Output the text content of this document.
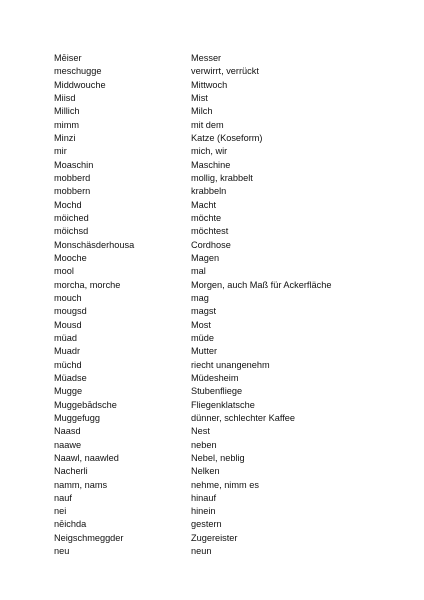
Mēiser	Messer
meschugge	verwirrt, verrückt
Middwouche	Mittwoch
Miisd	Mist
Millich	Milch
mimm	mit dem
Minzi	Katze (Koseform)
mir	mich, wir
Moaschin	Maschine
mobberd	mollig, krabbelt
mobbern	krabbeln
Mochd	Macht
möiched	möchte
möichsd	möchtest
Monschäsderhousa	Cordhose
Mooche	Magen
mool	mal
morcha, morche	Morgen, auch Maß für Ackerfläche
mouch	mag
mougsd	magst
Mousd	Most
müad	müde
Muadr	Mutter
müchd	riecht unangenehm
Müadse	Müdesheim
Mugge	Stubenfliege
Muggebādsche	Fliegenklatsche
Muggefugg	dünner, schlechter Kaffee
Naasd	Nest
naawe	neben
Naawl, naawled	Nebel, neblig
Nacherli	Nelken
namm, nams	nehme, nimm es
nauf	hinauf
nei	hinein
nēichda	gestern
Neigschmeggder	Zugereister
neu	neun
